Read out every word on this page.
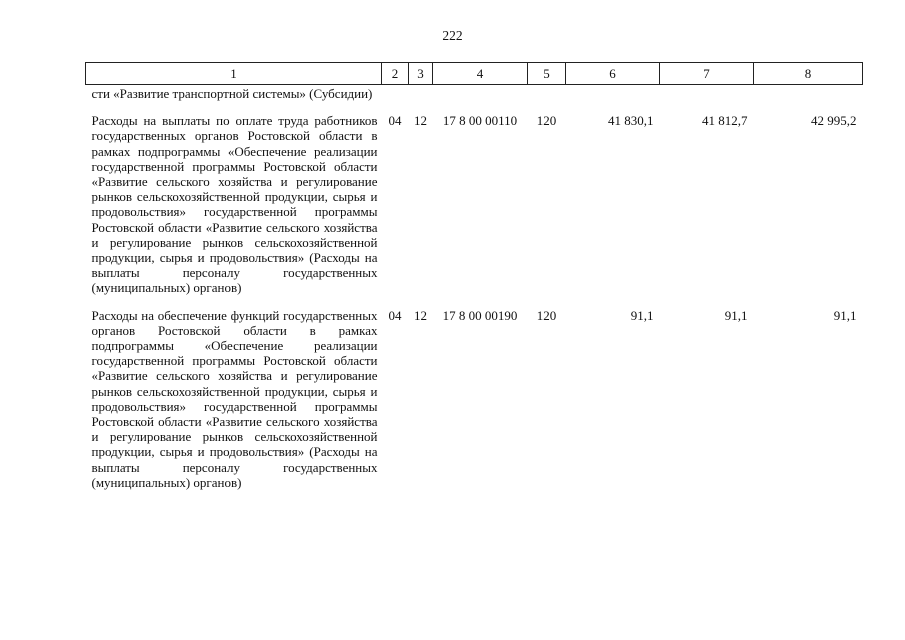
222
1	2	3	4	5	6	7	8
сти «Развитие транспортной системы» (Субсидии)							
Расходы на выплаты по оплате труда работников государственных органов Ростовской области в рамках подпрограммы «Обеспечение реализации государственной программы Ростовской области «Развитие сельского хозяйства и регулирование рынков сельскохозяйственной продукции, сырья и продовольствия» государственной программы Ростовской области «Развитие сельского хозяйства и регулирование рынков сельскохозяйственной продукции, сырья и продовольствия» (Расходы на выплаты персоналу государственных (муниципальных) органов)	04	12	17 8 00 00110	120	41 830,1	41 812,7	42 995,2
Расходы на обеспечение функций государственных органов Ростовской области в рамках подпрограммы «Обеспечение реализации государственной программы Ростовской области «Развитие сельского хозяйства и регулирование рынков сельскохозяйственной продукции, сырья и продовольствия» государственной программы Ростовской области «Развитие сельского хозяйства и регулирование рынков сельскохозяйственной продукции, сырья и продовольствия» (Расходы на выплаты персоналу государственных (муниципальных) органов)	04	12	17 8 00 00190	120	91,1	91,1	91,1
